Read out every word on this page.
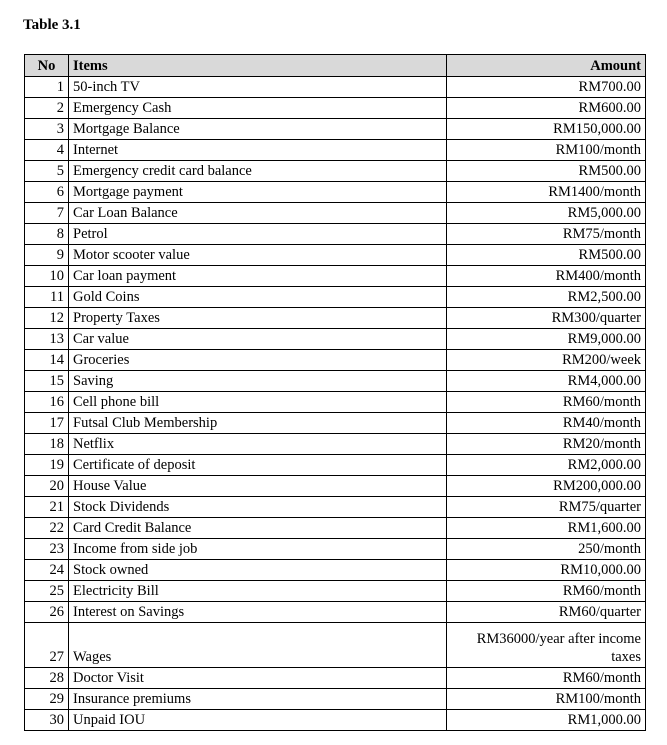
Table 3.1
No	Items	Amount
1	50-inch TV	RM700.00
2	Emergency Cash	RM600.00
3	Mortgage Balance	RM150,000.00
4	Internet	RM100/month
5	Emergency credit card balance	RM500.00
6	Mortgage payment	RM1400/month
7	Car Loan Balance	RM5,000.00
8	Petrol	RM75/month
9	Motor scooter value	RM500.00
10	Car loan payment	RM400/month
11	Gold Coins	RM2,500.00
12	Property Taxes	RM300/quarter
13	Car value	RM9,000.00
14	Groceries	RM200/week
15	Saving	RM4,000.00
16	Cell phone bill	RM60/month
17	Futsal Club Membership	RM40/month
18	Netflix	RM20/month
19	Certificate of deposit	RM2,000.00
20	House Value	RM200,000.00
21	Stock Dividends	RM75/quarter
22	Card Credit Balance	RM1,600.00
23	Income from side job	250/month
24	Stock owned	RM10,000.00
25	Electricity Bill	RM60/month
26	Interest on Savings	RM60/quarter
27	Wages	RM36000/year after income taxes
28	Doctor Visit	RM60/month
29	Insurance premiums	RM100/month
30	Unpaid IOU	RM1,000.00
